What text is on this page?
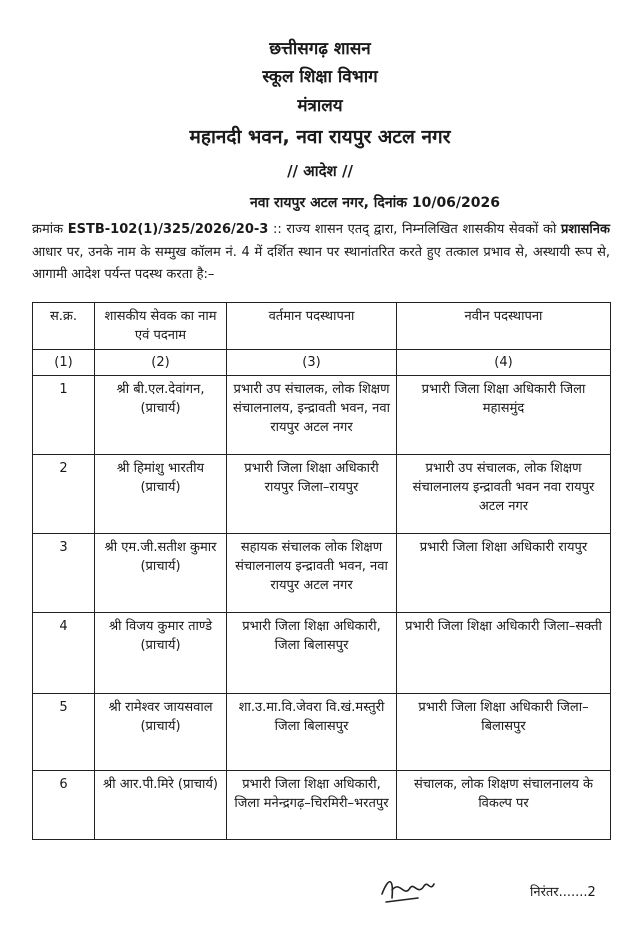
छत्तीसगढ़ शासन
स्कूल शिक्षा विभाग
मंत्रालय
महानदी भवन, नवा रायपुर अटल नगर
// आदेश //
नवा रायपुर अटल नगर, दिनांक 10/06/2026
क्रमांक ESTB-102(1)/325/2026/20-3 :: राज्य शासन एतद् द्वारा, निम्नलिखित शासकीय सेवकों को प्रशासनिक आधार पर, उनके नाम के सम्मुख कॉलम नं. 4 में दर्शित स्थान पर स्थानांतरित करते हुए तत्काल प्रभाव से, अस्थायी रूप से, आगामी आदेश पर्यन्त पदस्थ करता है:–
स.क्र.	शासकीय सेवक का नाम एवं पदनाम	वर्तमान पदस्थापना	नवीन पदस्थापना
(1)	(2)	(3)	(4)
1	श्री बी.एल.देवांगन, (प्राचार्य)	प्रभारी उप संचालक, लोक शिक्षण संचालनालय, इन्द्रावती भवन, नवा रायपुर अटल नगर	प्रभारी जिला शिक्षा अधिकारी जिला महासमुंद
2	श्री हिमांशु भारतीय (प्राचार्य)	प्रभारी जिला शिक्षा अधिकारी रायपुर जिला–रायपुर	प्रभारी उप संचालक, लोक शिक्षण संचालनालय इन्द्रावती भवन नवा रायपुर अटल नगर
3	श्री एम.जी.सतीश कुमार (प्राचार्य)	सहायक संचालक लोक शिक्षण संचालनालय इन्द्रावती भवन, नवा रायपुर अटल नगर	प्रभारी जिला शिक्षा अधिकारी रायपुर
4	श्री विजय कुमार ताण्डे (प्राचार्य)	प्रभारी जिला शिक्षा अधिकारी, जिला बिलासपुर	प्रभारी जिला शिक्षा अधिकारी जिला–सक्ती
5	श्री रामेश्वर जायसवाल (प्राचार्य)	शा.उ.मा.वि.जेवरा वि.खं.मस्तुरी जिला बिलासपुर	प्रभारी जिला शिक्षा अधिकारी जिला–बिलासपुर
6	श्री आर.पी.मिरे (प्राचार्य)	प्रभारी जिला शिक्षा अधिकारी, जिला मनेन्द्रगढ़–चिरमिरी–भरतपुर	संचालक, लोक शिक्षण संचालनालय के विकल्प पर
निरंतर.......2
